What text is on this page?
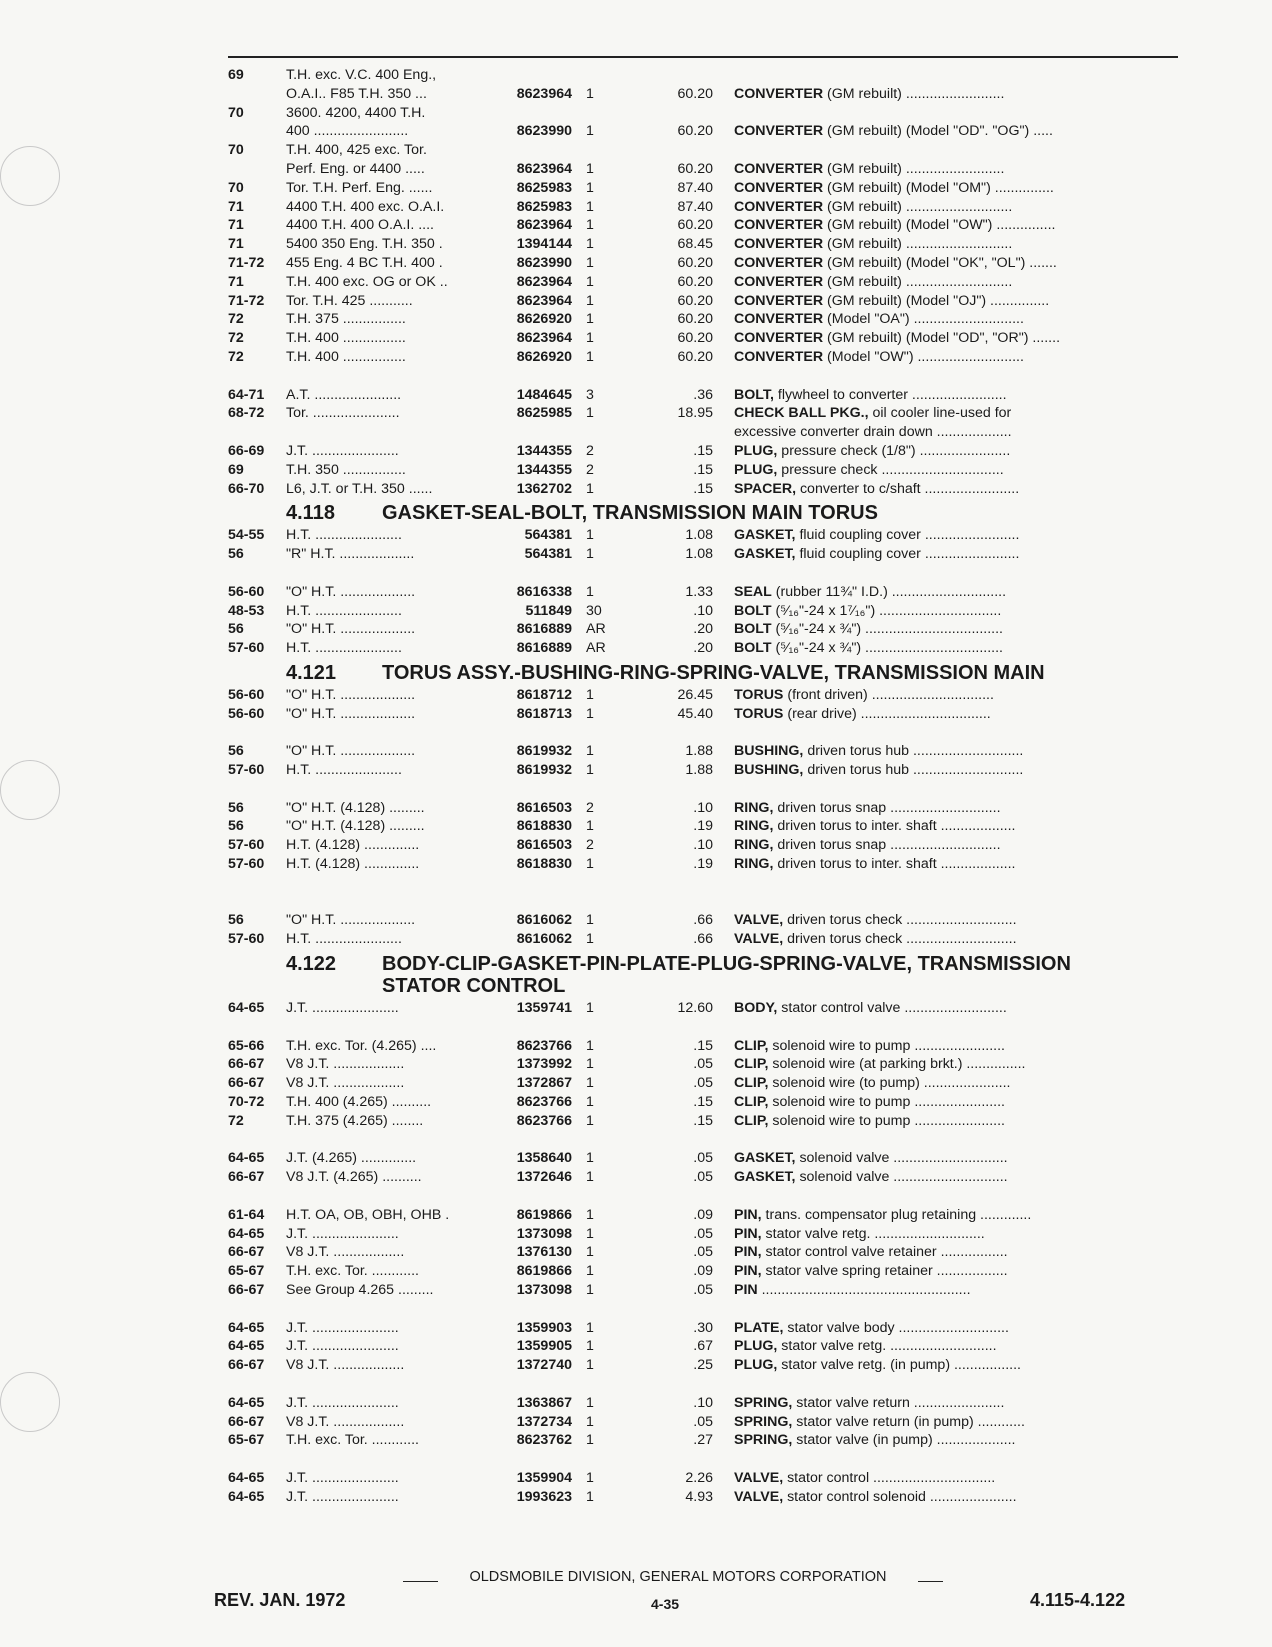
69	T.H. exc. V.C. 400 Eng.,
O.A.I.. F85 T.H. 350 ...	8623964 1	60.20 CONVERTER (GM rebuilt) .........................
70	3600. 4200, 4400 T.H.
400 ........................	8623990 1	60.20 CONVERTER (GM rebuilt) (Model "OD". "OG") .....
70	T.H. 400, 425 exc. Tor.
Perf. Eng. or 4400 .....	8623964 1	60.20 CONVERTER (GM rebuilt) .........................
70	Tor. T.H. Perf. Eng. ......	8625983 1	87.40 CONVERTER (GM rebuilt) (Model "OM") ...............
71	4400 T.H. 400 exc. O.A.I.	8625983 1	87.40 CONVERTER (GM rebuilt) ...........................
71	4400 T.H. 400 O.A.I. ....	8623964 1	60.20 CONVERTER (GM rebuilt) (Model "OW") ...............
71	5400 350 Eng. T.H. 350 .	1394144 1	68.45 CONVERTER (GM rebuilt) ...........................
71-72 455 Eng. 4 BC T.H. 400 .	8623990 1	60.20 CONVERTER (GM rebuilt) (Model "OK", "OL") .......
71	T.H. 400 exc. OG or OK ..	8623964 1	60.20 CONVERTER (GM rebuilt) ...........................
71-72 Tor. T.H. 425 ...........	8623964 1	60.20 CONVERTER (GM rebuilt) (Model "OJ") ...............
72	T.H. 375 ................	8626920 1	60.20 CONVERTER (Model "OA") ............................
72	T.H. 400 ................	8623964 1	60.20 CONVERTER (GM rebuilt) (Model "OD", "OR") .......
72	T.H. 400 ................	8626920 1	60.20 CONVERTER (Model "OW") ...........................
64-71 A.T. ......................	1484645 3	.36 BOLT, flywheel to converter ........................
68-72 Tor. ......................	8625985 1	18.95 CHECK BALL PKG., oil cooler line-used for
excessive converter drain down ...................
66-69 J.T. ......................	1344355 2	.15 PLUG, pressure check (1/8") .......................
69	T.H. 350 ................	1344355 2	.15 PLUG, pressure check ...............................
66-70 L6, J.T. or T.H. 350 ......	1362702 1	.15 SPACER, converter to c/shaft ........................
4.118 GASKET-SEAL-BOLT, TRANSMISSION MAIN TORUS
54-55 H.T. ......................	564381 1	1.08 GASKET, fluid coupling cover ........................
56	"R" H.T. ...................	564381 1	1.08 GASKET, fluid coupling cover ........................
56-60 "O" H.T. ...................	8616338 1	1.33 SEAL (rubber 11¾" I.D.) .............................
48-53 H.T. ......................	511849 30	.10 BOLT (⁵⁄₁₆"-24 x 1⁷⁄₁₆") ...............................
56	"O" H.T. ...................	8616889 AR	.20 BOLT (⁵⁄₁₆"-24 x ¾") ...................................
57-60 H.T. ......................	8616889 AR	.20 BOLT (⁵⁄₁₆"-24 x ¾") ...................................
4.121 TORUS ASSY.-BUSHING-RING-SPRING-VALVE, TRANSMISSION MAIN
56-60 "O" H.T. ...................	8618712 1	26.45 TORUS (front driven) ...............................
56-60 "O" H.T. ...................	8618713 1	45.40 TORUS (rear drive) .................................
56	"O" H.T. ...................	8619932 1	1.88 BUSHING, driven torus hub ............................
57-60 H.T. ......................	8619932 1	1.88 BUSHING, driven torus hub ............................
56	"O" H.T. (4.128) .........	8616503 2	.10 RING, driven torus snap ............................
56	"O" H.T. (4.128) .........	8618830 1	.19 RING, driven torus to inter. shaft ...................
57-60 H.T. (4.128) ..............	8616503 2	.10 RING, driven torus snap ............................
57-60 H.T. (4.128) ..............	8618830 1	.19 RING, driven torus to inter. shaft ...................
56	"O" H.T. ...................	8616062 1	.66 VALVE, driven torus check ............................
57-60 H.T. ......................	8616062 1	.66 VALVE, driven torus check ............................
4.122 BODY-CLIP-GASKET-PIN-PLATE-PLUG-SPRING-VALVE, TRANSMISSION STATOR CONTROL
64-65 J.T. ......................	1359741 1	12.60 BODY, stator control valve ..........................
65-66 T.H. exc. Tor. (4.265) ....	8623766 1	.15 CLIP, solenoid wire to pump .......................
66-67 V8 J.T. ..................	1373992 1	.05 CLIP, solenoid wire (at parking brkt.) ...............
66-67 V8 J.T. ..................	1372867 1	.05 CLIP, solenoid wire (to pump) ......................
70-72 T.H. 400 (4.265) ..........	8623766 1	.15 CLIP, solenoid wire to pump .......................
72	T.H. 375 (4.265) ........	8623766 1	.15 CLIP, solenoid wire to pump .......................
64-65 J.T. (4.265) ..............	1358640 1	.05 GASKET, solenoid valve .............................
66-67 V8 J.T. (4.265) ..........	1372646 1	.05 GASKET, solenoid valve .............................
61-64 H.T. OA, OB, OBH, OHB .	8619866 1	.09 PIN, trans. compensator plug retaining .............
64-65 J.T. ......................	1373098 1	.05 PIN, stator valve retg. ............................
66-67 V8 J.T. ..................	1376130 1	.05 PIN, stator control valve retainer .................
65-67 T.H. exc. Tor. ............	8619866 1	.09 PIN, stator valve spring retainer ..................
66-67 See Group 4.265 .........	1373098 1	.05 PIN .....................................................
64-65 J.T. ......................	1359903 1	.30 PLATE, stator valve body ............................
64-65 J.T. ......................	1359905 1	.67 PLUG, stator valve retg. ...........................
66-67 V8 J.T. ..................	1372740 1	.25 PLUG, stator valve retg. (in pump) .................
64-65 J.T. ......................	1363867 1	.10 SPRING, stator valve return .......................
66-67 V8 J.T. ..................	1372734 1	.05 SPRING, stator valve return (in pump) ............
65-67 T.H. exc. Tor. ............	8623762 1	.27 SPRING, stator valve (in pump) ....................
64-65 J.T. ......................	1359904 1	2.26 VALVE, stator control ...............................
64-65 J.T. ......................	1993623 1	4.93 VALVE, stator control solenoid ......................
OLDSMOBILE DIVISION, GENERAL MOTORS CORPORATION
REV. JAN. 1972	4-35	4.115-4.122
